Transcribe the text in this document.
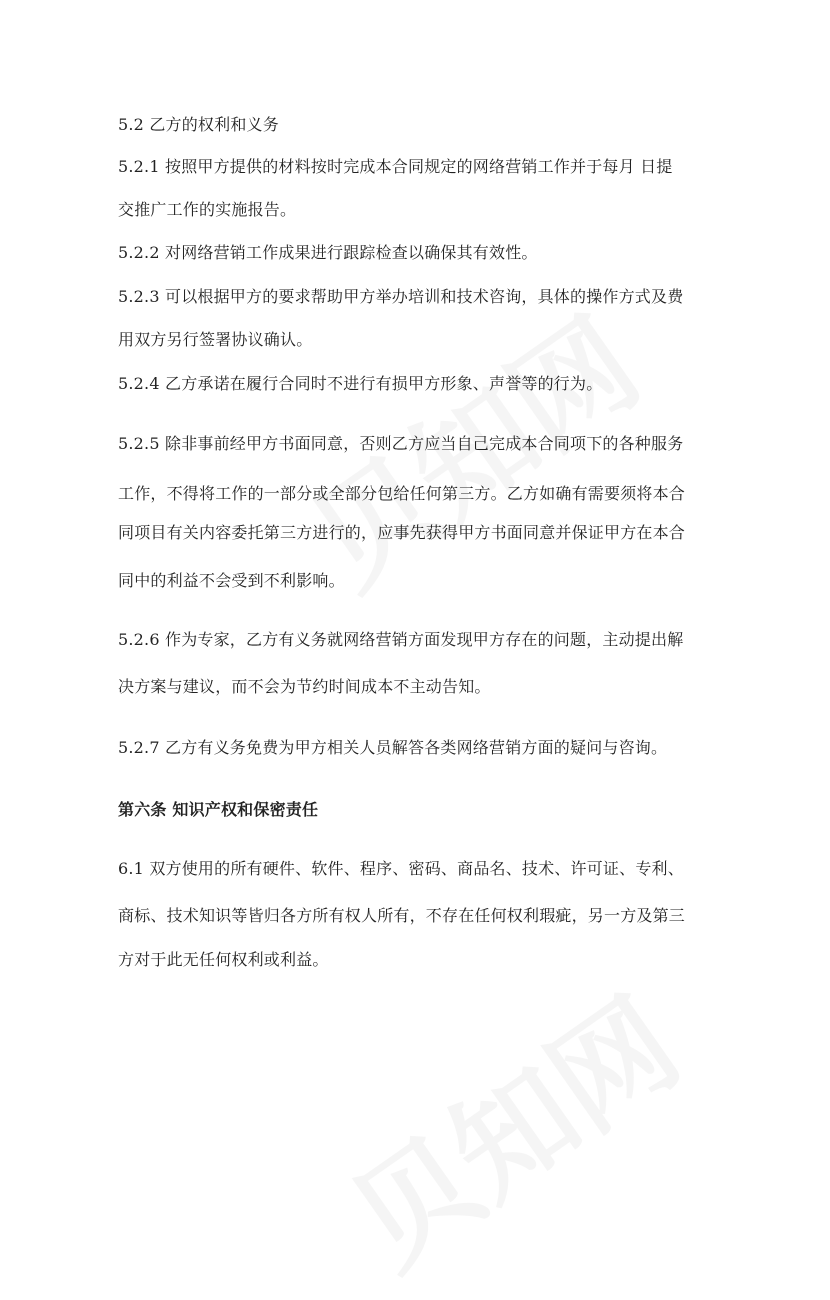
5.2 乙方的权利和义务
5.2.1 按照甲方提供的材料按时完成本合同规定的网络营销工作并于每月 日提
交推广工作的实施报告。
5.2.2 对网络营销工作成果进行跟踪检查以确保其有效性。
5.2.3 可以根据甲方的要求帮助甲方举办培训和技术咨询，具体的操作方式及费
用双方另行签署协议确认。
5.2.4 乙方承诺在履行合同时不进行有损甲方形象、声誉等的行为。
5.2.5 除非事前经甲方书面同意，否则乙方应当自己完成本合同项下的各种服务
工作，不得将工作的一部分或全部分包给任何第三方。乙方如确有需要须将本合
同项目有关内容委托第三方进行的，应事先获得甲方书面同意并保证甲方在本合
同中的利益不会受到不利影响。
5.2.6 作为专家，乙方有义务就网络营销方面发现甲方存在的问题，主动提出解
决方案与建议，而不会为节约时间成本不主动告知。
5.2.7 乙方有义务免费为甲方相关人员解答各类网络营销方面的疑问与咨询。
第六条 知识产权和保密责任
6.1 双方使用的所有硬件、软件、程序、密码、商品名、技术、许可证、专利、
商标、技术知识等皆归各方所有权人所有，不存在任何权利瑕疵，另一方及第三
方对于此无任何权利或利益。
